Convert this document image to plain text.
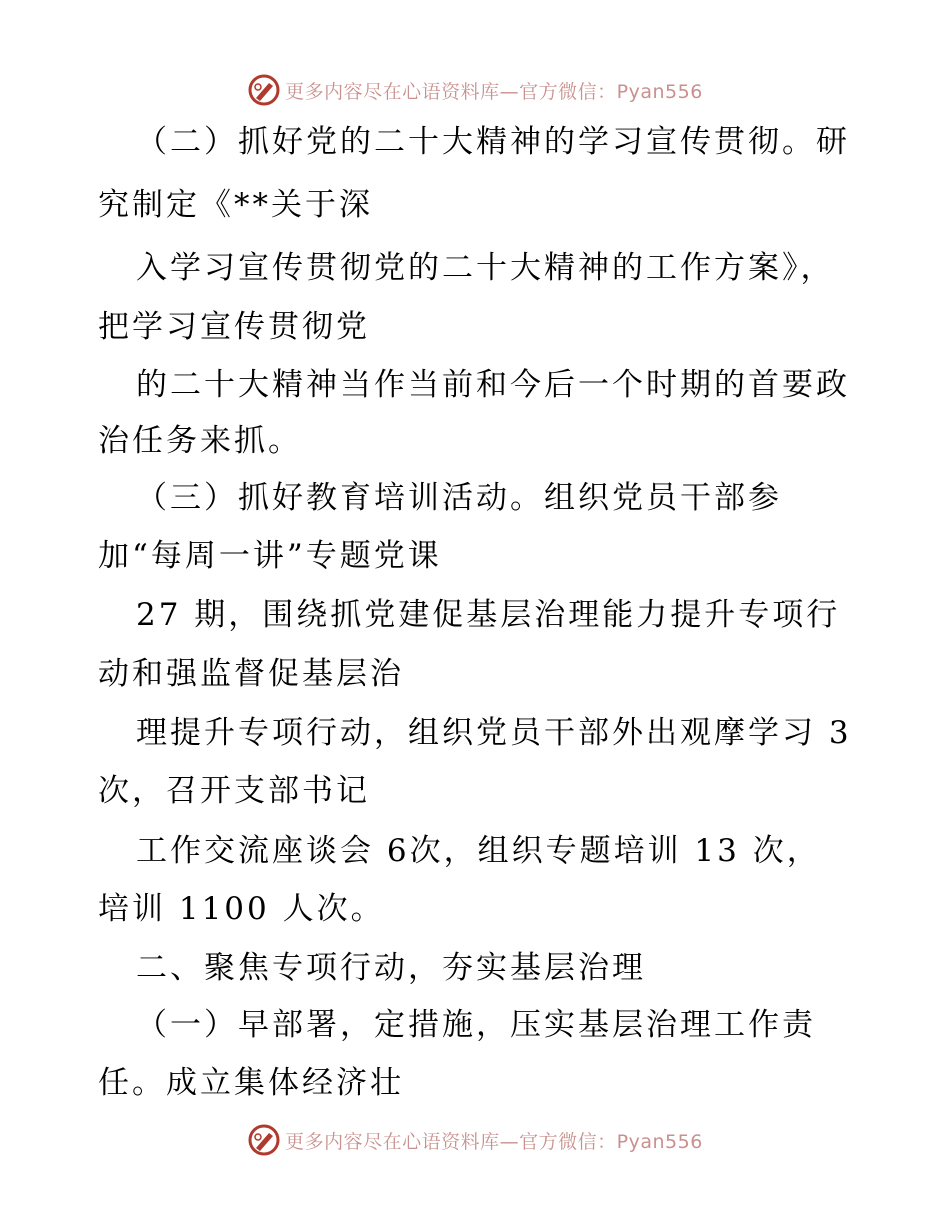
更多内容尽在心语资料库—官方微信：Pyan556
（二）抓好党的二十大精神的学习宣传贯彻。研
究制定《**关于深
入学习宣传贯彻党的二十大精神的工作方案》，
把学习宣传贯彻党
的二十大精神当作当前和今后一个时期的首要政
治任务来抓。
（三）抓好教育培训活动。组织党员干部参
加“每周一讲”专题党课
27 期，围绕抓党建促基层治理能力提升专项行
动和强监督促基层治
理提升专项行动，组织党员干部外出观摩学习 3
次，召开支部书记
工作交流座谈会 6次，组织专题培训 13 次，
培训 1100 人次。
二、聚焦专项行动，夯实基层治理
（一）早部署，定措施，压实基层治理工作责
任。成立集体经济壮
更多内容尽在心语资料库—官方微信：Pyan556
